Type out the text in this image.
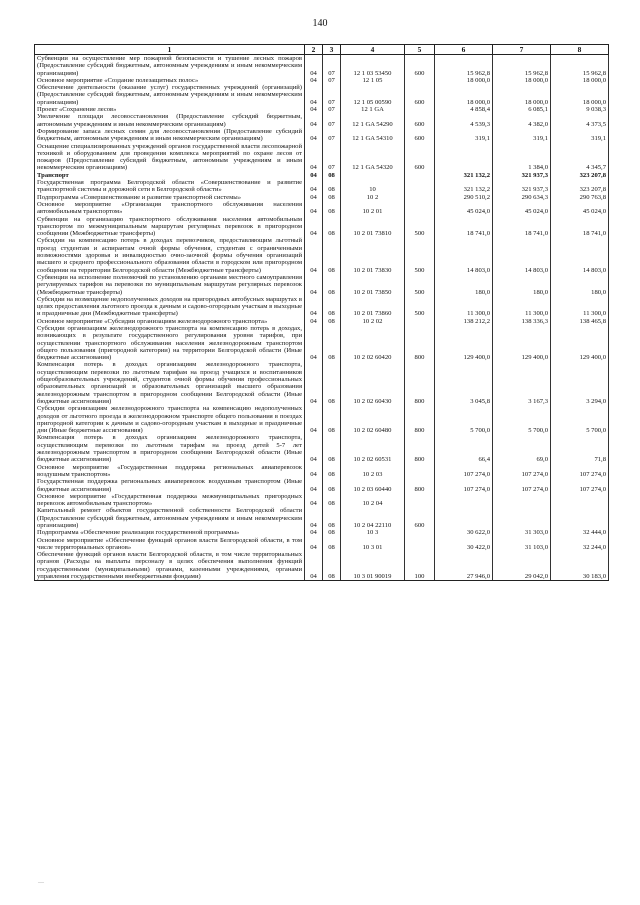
140
1	2	3	4	5	6	7	8
Субвенции на осуществление мер пожарной безопасности и тушение лесных пожаров (Предоставление субсидий бюджетным, автономным учреждениям и иным некоммерческим организациям)	04	07	12 1 03 53450	600	15 962,8	15 962,8	15 962,8
Основное мероприятие «Создание полезащитных полос»	04	07	12 1 05		18 000,0	18 000,0	18 000,0
Обеспечение деятельности (оказание услуг) государственных учреждений (организаций) (Предоставление субсидий бюджетным, автономным учреждениям и иным некоммерческим организациям)	04	07	12 1 05 00590	600	18 000,0	18 000,0	18 000,0
Проект «Сохранение лесов»	04	07	12 1 GA		4 858,4	6 085,1	9 038,3
Увеличение площади лесовосстановления (Предоставление субсидий бюджетным, автономным учреждениям и иным некоммерческим организациям)	04	07	12 1 GA 54290	600	4 539,3	4 382,0	4 373,5
Формирование запаса лесных семян для лесовосстановления (Предоставление субсидий бюджетным, автономным учреждениям и иным некоммерческим организациям)	04	07	12 1 GA 54310	600	319,1	319,1	319,1
Оснащение специализированных учреждений органов государственной власти лесопожарной техникой и оборудованием для проведения комплекса мероприятий по охране лесов от пожаров (Предоставление субсидий бюджетным, автономным учреждениям и иным некоммерческим организациям)	04	07	12 1 GA 54320	600		1 384,0	4 345,7
Транспорт	04	08			321 132,2	321 937,3	323 207,8
Государственная программа Белгородской области «Совершенствование и развитие транспортной системы и дорожной сети в Белгородской области»	04	08	10		321 132,2	321 937,3	323 207,8
Подпрограмма «Совершенствование и развитие транспортной системы»	04	08	10 2		290 510,2	290 634,3	290 763,8
Основное мероприятие «Организация транспортного обслуживания населения автомобильным транспортом»	04	08	10 2 01		45 024,0	45 024,0	45 024,0
Субвенции на организацию транспортного обслуживания населения автомобильным транспортом по межмуниципальным маршрутам регулярных перевозок в пригородном сообщении (Межбюджетные трансферты)	04	08	10 2 01 73810	500	18 741,0	18 741,0	18 741,0
Субсидии на компенсацию потерь в доходах перевозчиков, предоставляющим льготный проезд студентам и аспирантам очной формы обучения, студентам с ограниченными возможностями здоровья и инвалидностью очно-заочной формы обучения организаций высшего и среднего профессионального образования области в городском или пригородном сообщении на территории Белгородской области (Межбюджетные трансферты)	04	08	10 2 01 73830	500	14 803,0	14 803,0	14 803,0
Субвенции на исполнение полномочий по установлению органами местного самоуправления регулируемых тарифов на перевозки по муниципальным маршрутам регулярных перевозок (Межбюджетные трансферты)	04	08	10 2 01 73850	500	180,0	180,0	180,0
Субсидии на возмещение недополученных доходов на пригородных автобусных маршрутах в целях предоставления льготного проезда к дачным и садово-огородным участкам в выходные и праздничные дни (Межбюджетные трансферты)	04	08	10 2 01 73860	500	11 300,0	11 300,0	11 300,0
Основное мероприятие «Субсидии организациям железнодорожного транспорта»	04	08	10 2 02		138 212,2	138 336,3	138 465,8
Субсидии организациям железнодорожного транспорта на компенсацию потерь в доходах, возникающих в результате государственного регулирования уровня тарифов, при осуществлении транспортного обслуживания населения железнодорожным транспортом общего пользования (пригородной категории) на территории Белгородской области (Иные бюджетные ассигнования)	04	08	10 2 02 60420	800	129 400,0	129 400,0	129 400,0
Компенсация потерь в доходах организациям железнодорожного транспорта, осуществляющим перевозки по льготным тарифам на проезд учащихся и воспитанников общеобразовательных учреждений, студентов очной формы обучения профессиональных образовательных организаций и образовательных организаций высшего образования железнодорожным транспортом в пригородном сообщении Белгородской области (Иные бюджетные ассигнования)	04	08	10 2 02 60430	800	3 045,8	3 167,3	3 294,0
Субсидии организациям железнодорожного транспорта на компенсацию недополученных доходов от льготного проезда в железнодорожном транспорте общего пользования в поездах пригородной категории к дачным и садово-огородным участкам в выходные и праздничные дни (Иные бюджетные ассигнования)	04	08	10 2 02 60480	800	5 700,0	5 700,0	5 700,0
Компенсация потерь в доходах организациям железнодорожного транспорта, осуществляющим перевозки по льготным тарифам на проезд детей 5-7 лет железнодорожным транспортом в пригородном сообщении Белгородской области (Иные бюджетные ассигнования)	04	08	10 2 02 60531	800	66,4	69,0	71,8
Основное мероприятие «Государственная поддержка региональных авиаперевозок воздушным транспортом»	04	08	10 2 03		107 274,0	107 274,0	107 274,0
Государственная поддержка региональных авиаперевозок воздушным транспортом (Иные бюджетные ассигнования)	04	08	10 2 03 60440	800	107 274,0	107 274,0	107 274,0
Основное мероприятие «Государственная поддержка межмуниципальных пригородных перевозок автомобильным транспортом»	04	08	10 2 04				
Капитальный ремонт объектов государственной собственности Белгородской области (Предоставление субсидий бюджетным, автономным учреждениям и иным некоммерческим организациям)	04	08	10 2 04 22110	600			
Подпрограмма «Обеспечение реализации государственной программы»	04	08	10 3		30 622,0	31 303,0	32 444,0
Основное мероприятие «Обеспечение функций органов власти Белгородской области, в том числе территориальных органов»	04	08	10 3 01		30 422,0	31 103,0	32 244,0
Обеспечение функций органов власти Белгородской области, в том числе территориальных органов (Расходы на выплаты персоналу в целях обеспечения выполнения функций государственными (муниципальными) органами, казенными учреждениями, органами управления государственными внебюджетными фондами)	04	08	10 3 01 90019	100	27 946,0	29 042,0	30 183,0
—
